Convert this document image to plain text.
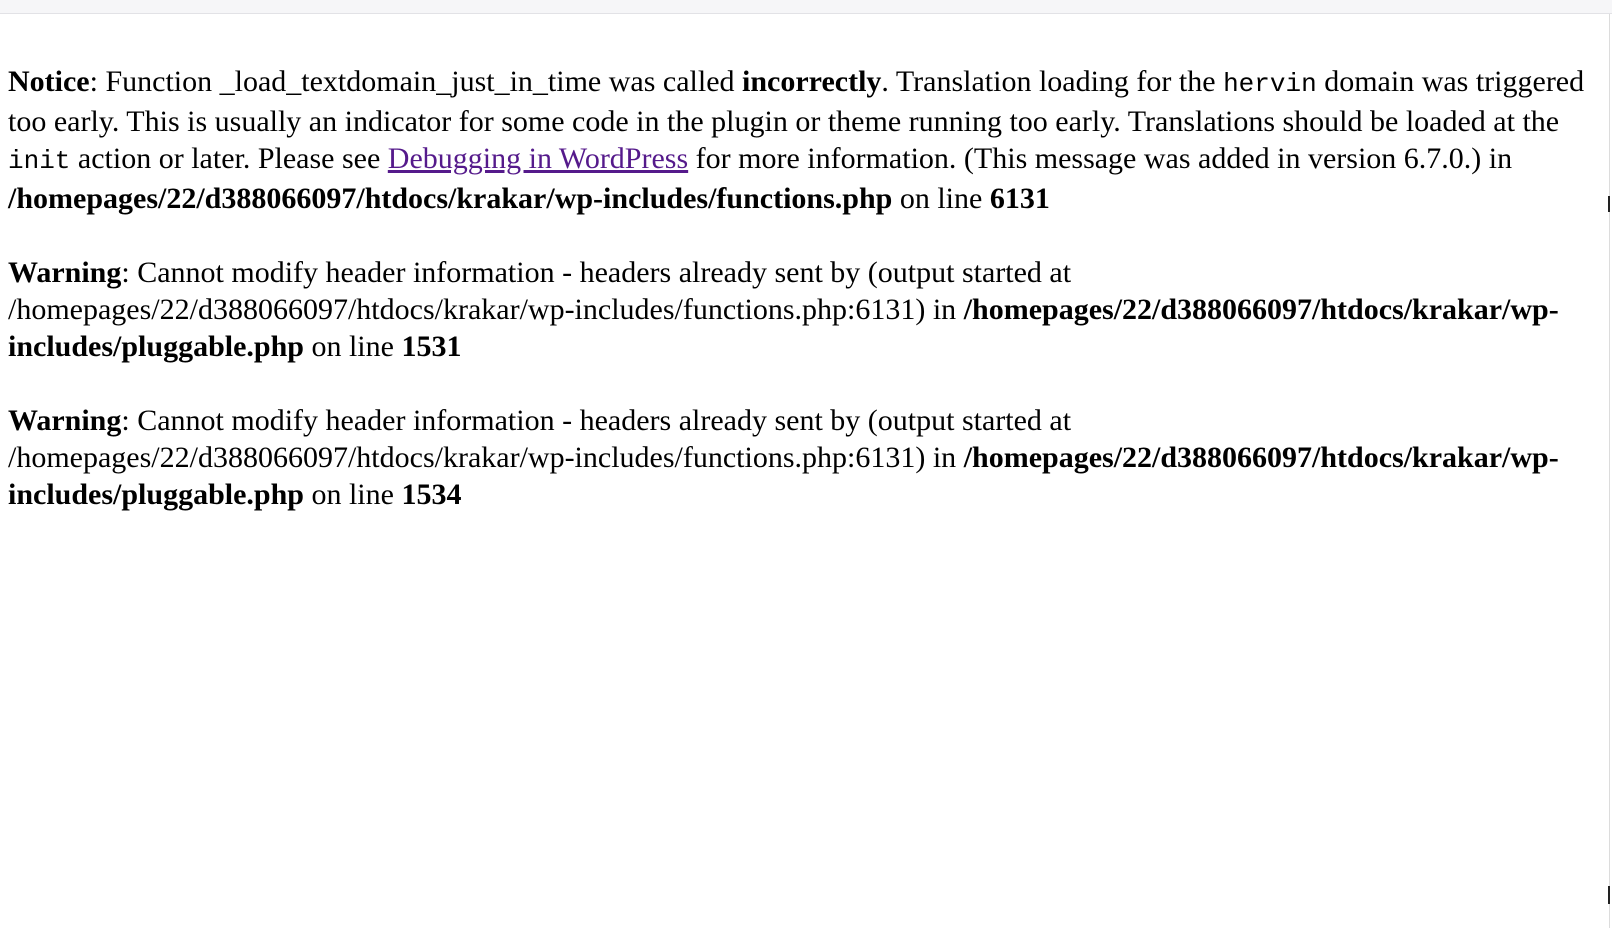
Notice: Function _load_textdomain_just_in_time was called incorrectly. Translation loading for the hervin domain was triggered too early. This is usually an indicator for some code in the plugin or theme running too early. Translations should be loaded at the init action or later. Please see Debugging in WordPress for more information. (This message was added in version 6.7.0.) in /homepages/22/d388066097/htdocs/krakar/wp-includes/functions.php on line 6131

Warning: Cannot modify header information - headers already sent by (output started at /homepages/22/d388066097/htdocs/krakar/wp-includes/functions.php:6131) in /homepages/22/d388066097/htdocs/krakar/wp-includes/pluggable.php on line 1531

Warning: Cannot modify header information - headers already sent by (output started at /homepages/22/d388066097/htdocs/krakar/wp-includes/functions.php:6131) in /homepages/22/d388066097/htdocs/krakar/wp-includes/pluggable.php on line 1534
